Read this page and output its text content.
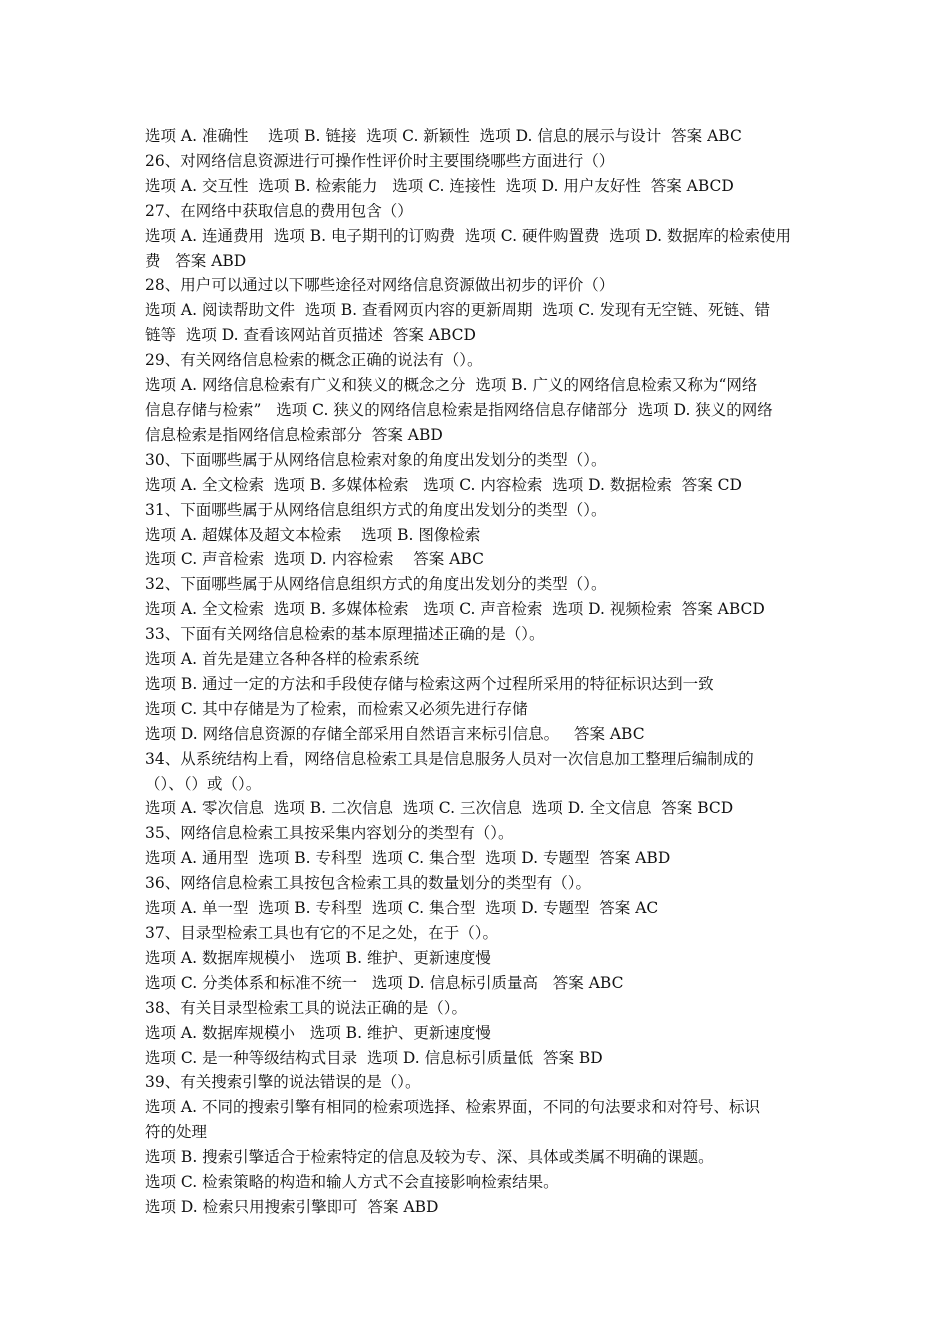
选项 A. 准确性    选项 B. 链接  选项 C. 新颖性  选项 D. 信息的展示与设计  答案 ABC
26、对网络信息资源进行可操作性评价时主要围绕哪些方面进行（）
选项 A. 交互性  选项 B. 检索能力   选项 C. 连接性  选项 D. 用户友好性  答案 ABCD
27、在网络中获取信息的费用包含（）
选项 A. 连通费用  选项 B. 电子期刊的订购费  选项 C. 硬件购置费  选项 D. 数据库的检索使用
费   答案 ABD
28、用户可以通过以下哪些途径对网络信息资源做出初步的评价（）
选项 A. 阅读帮助文件  选项 B. 查看网页内容的更新周期  选项 C. 发现有无空链、死链、错
链等  选项 D. 查看该网站首页描述  答案 ABCD
29、有关网络信息检索的概念正确的说法有（）。
选项 A. 网络信息检索有广义和狭义的概念之分  选项 B. 广义的网络信息检索又称为“网络
信息存储与检索”   选项 C. 狭义的网络信息检索是指网络信息存储部分  选项 D. 狭义的网络
信息检索是指网络信息检索部分  答案 ABD
30、下面哪些属于从网络信息检索对象的角度出发划分的类型（）。
选项 A. 全文检索  选项 B. 多媒体检索   选项 C. 内容检索  选项 D. 数据检索  答案 CD
31、下面哪些属于从网络信息组织方式的角度出发划分的类型（）。
选项 A. 超媒体及超文本检索    选项 B. 图像检索
选项 C. 声音检索  选项 D. 内容检索    答案 ABC
32、下面哪些属于从网络信息组织方式的角度出发划分的类型（）。
选项 A. 全文检索  选项 B. 多媒体检索   选项 C. 声音检索  选项 D. 视频检索  答案 ABCD
33、下面有关网络信息检索的基本原理描述正确的是（）。
选项 A. 首先是建立各种各样的检索系统
选项 B. 通过一定的方法和手段使存储与检索这两个过程所采用的特征标识达到一致
选项 C. 其中存储是为了检索，而检索又必须先进行存储
选项 D. 网络信息资源的存储全部采用自然语言来标引信息。   答案 ABC
34、从系统结构上看，网络信息检索工具是信息服务人员对一次信息加工整理后编制成的
（）、（）或（）。
选项 A. 零次信息  选项 B. 二次信息  选项 C. 三次信息  选项 D. 全文信息  答案 BCD
35、网络信息检索工具按采集内容划分的类型有（）。
选项 A. 通用型  选项 B. 专科型  选项 C. 集合型  选项 D. 专题型  答案 ABD
36、网络信息检索工具按包含检索工具的数量划分的类型有（）。
选项 A. 单一型  选项 B. 专科型  选项 C. 集合型  选项 D. 专题型  答案 AC
37、目录型检索工具也有它的不足之处，在于（）。
选项 A. 数据库规模小   选项 B. 维护、更新速度慢
选项 C. 分类体系和标准不统一   选项 D. 信息标引质量高   答案 ABC
38、有关目录型检索工具的说法正确的是（）。
选项 A. 数据库规模小   选项 B. 维护、更新速度慢
选项 C. 是一种等级结构式目录  选项 D. 信息标引质量低  答案 BD
39、有关搜索引擎的说法错误的是（）。
选项 A. 不同的搜索引擎有相同的检索项选择、检索界面，不同的句法要求和对符号、标识
符的处理
选项 B. 搜索引擎适合于检索特定的信息及较为专、深、具体或类属不明确的课题。
选项 C. 检索策略的构造和输人方式不会直接影响检索结果。
选项 D. 检索只用搜索引擎即可  答案 ABD
